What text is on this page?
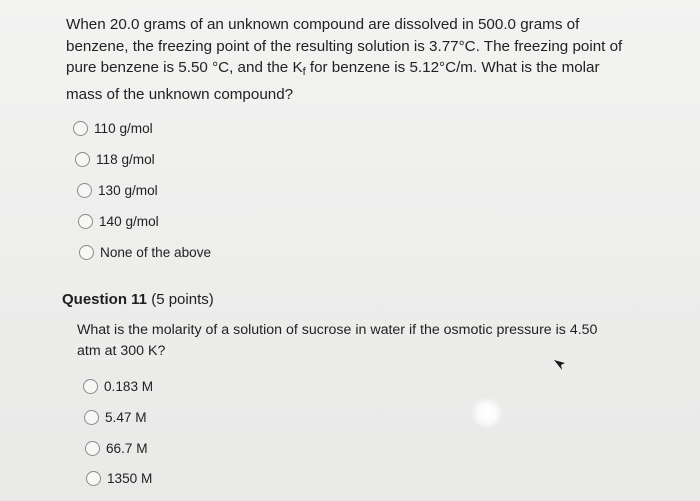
When 20.0 grams of an unknown compound are dissolved in 500.0 grams of benzene, the freezing point of the resulting solution is 3.77°C. The freezing point of pure benzene is 5.50 °C, and the $K_f$ for benzene is 5.12°C/m. What is the molar mass of the unknown compound?
110 g/mol
118 g/mol
130 g/mol
140 g/mol
None of the above
Question 11 (5 points)
What is the molarity of a solution of sucrose in water if the osmotic pressure is 4.50 atm at 300 K?
0.183 M
5.47 M
66.7 M
1350 M
